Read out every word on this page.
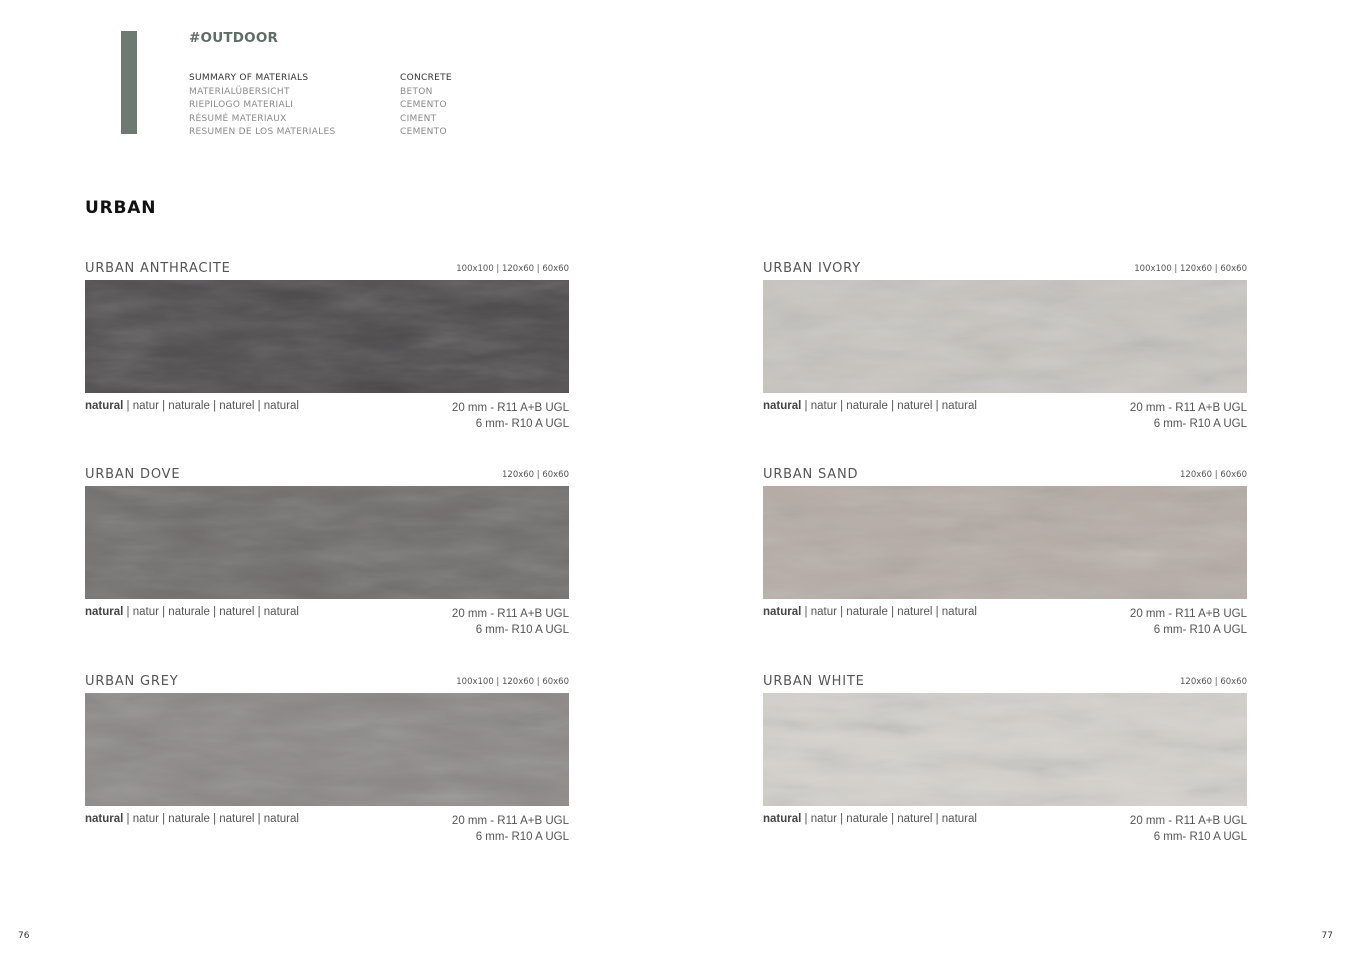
#OUTDOOR
SUMMARY OF MATERIALS
MATERIALÜBERSICHT
RIEPILOGO MATERIALI
RÉSUMÉ MATERIAUX
RESUMEN DE LOS MATERIALES
CONCRETE
BETON
CEMENTO
CIMENT
CEMENTO
URBAN
URBAN ANTHRACITE	100x100 | 120x60 | 60x60
natural | natur | naturale | naturel | natural	20 mm - R11 A+B UGL
6 mm- R10 A UGL
URBAN IVORY	100x100 | 120x60 | 60x60
natural | natur | naturale | naturel | natural	20 mm - R11 A+B UGL
6 mm- R10 A UGL
URBAN DOVE	120x60 | 60x60
natural | natur | naturale | naturel | natural	20 mm - R11 A+B UGL
6 mm- R10 A UGL
URBAN SAND	120x60 | 60x60
natural | natur | naturale | naturel | natural	20 mm - R11 A+B UGL
6 mm- R10 A UGL
URBAN GREY	100x100 | 120x60 | 60x60
natural | natur | naturale | naturel | natural	20 mm - R11 A+B UGL
6 mm- R10 A UGL
URBAN WHITE	120x60 | 60x60
natural | natur | naturale | naturel | natural	20 mm - R11 A+B UGL
6 mm- R10 A UGL
76	77
